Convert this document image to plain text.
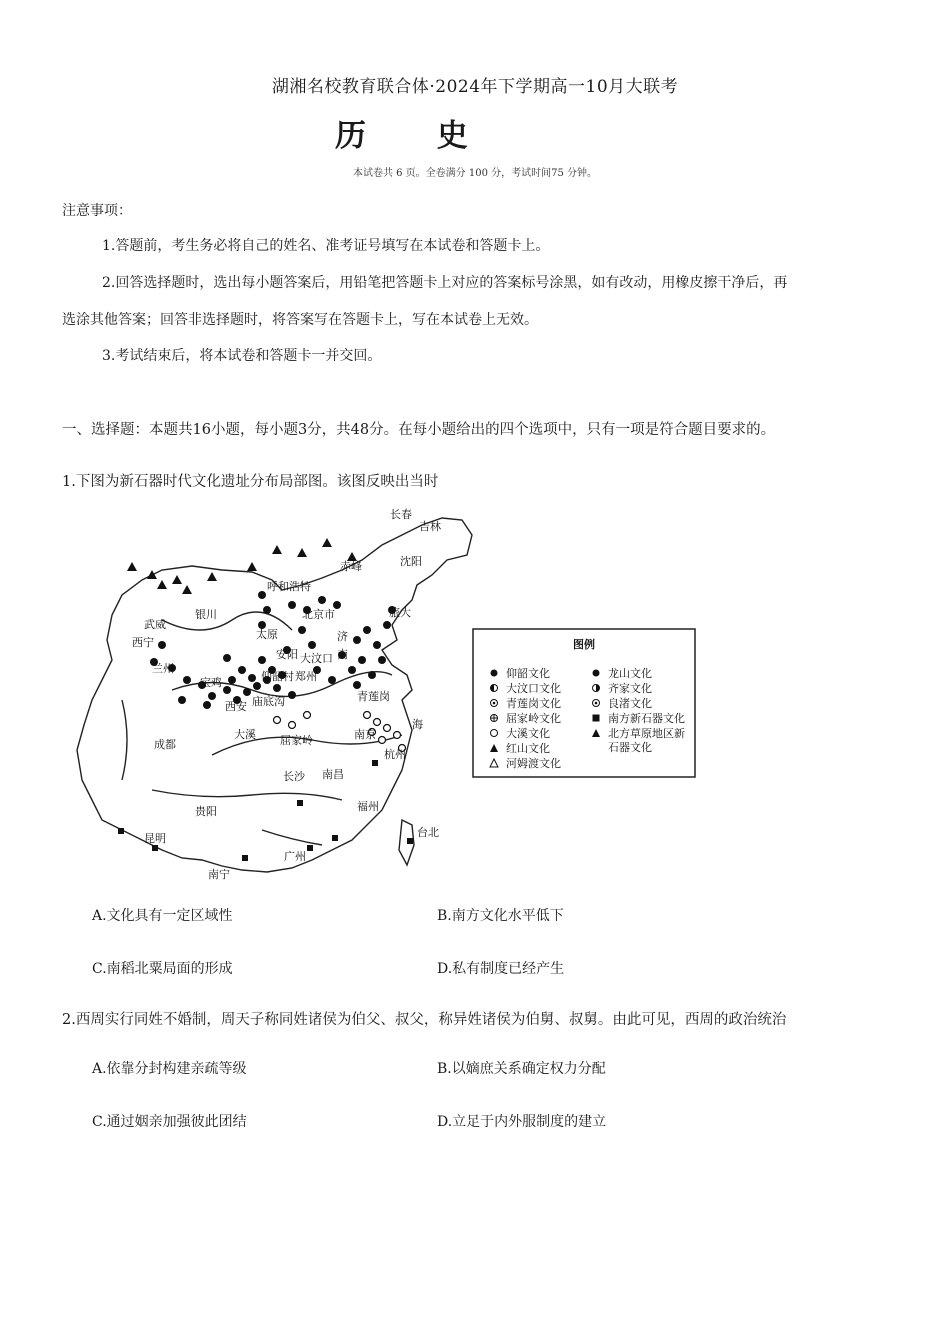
湖湘名校教育联合体·2024年下学期高一10月大联考
历 史
本试卷共 6 页。全卷满分 100 分，考试时间75 分钟。
注意事项：
1.答题前，考生务必将自己的姓名、准考证号填写在本试卷和答题卡上。
2.回答选择题时，选出每小题答案后，用铅笔把答题卡上对应的答案标号涂黑，如有改动，用橡皮擦干净后，再
选涂其他答案；回答非选择题时，将答案写在答题卡上，写在本试卷上无效。
3.考试结束后，将本试卷和答题卡一并交回。
一、选择题：本题共16小题，每小题3分，共48分。在每小题给出的四个选项中，只有一项是符合题目要求的。
1.下图为新石器时代文化遗址分布局部图。该图反映出当时
长春
吉林
赤峰	沈阳
呼和浩特
武威
银川	北京市	旅大
西宁
太原	济
兰州
安阳	南
大汶口
宝鸡	仰韶村 郑州
青莲岗
西安 庙底沟
海
大溪 屈家岭	南京
成都
杭州
长沙 南昌
福州
贵阳
昆明	台北
广州
南宁
图例
仰韶文化	龙山文化
大汶口文化	齐家文化
青莲岗文化	良渚文化
屈家岭文化	南方新石器文化
大溪文化	北方草原地区新
红山文化	石器文化
河姆渡文化
A.文化具有一定区域性	B.南方文化水平低下
C.南稻北粟局面的形成	D.私有制度已经产生
2.西周实行同姓不婚制，周天子称同姓诸侯为伯父、叔父，称异姓诸侯为伯舅、叔舅。由此可见，西周的政治统治
A.依靠分封构建亲疏等级	B.以嫡庶关系确定权力分配
C.通过姻亲加强彼此团结	D.立足于内外服制度的建立
